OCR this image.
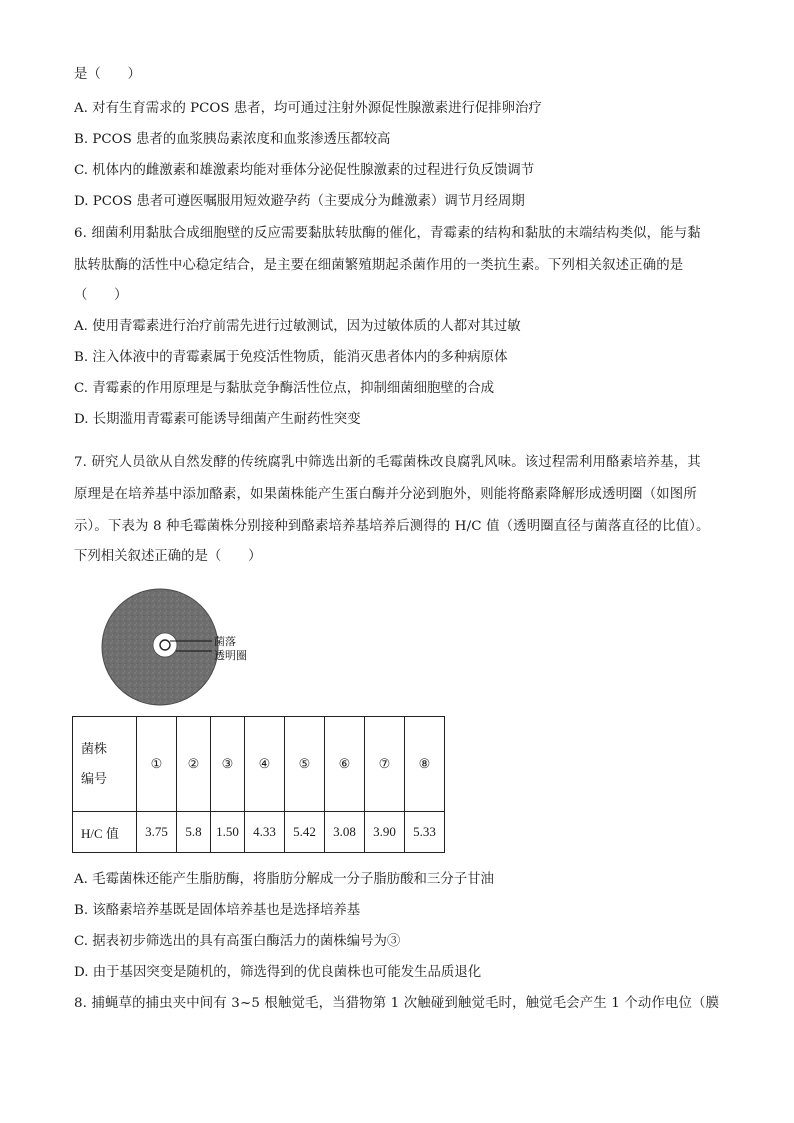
是（　　）
A. 对有生育需求的 PCOS 患者，均可通过注射外源促性腺激素进行促排卵治疗
B. PCOS 患者的血浆胰岛素浓度和血浆渗透压都较高
C. 机体内的雌激素和雄激素均能对垂体分泌促性腺激素的过程进行负反馈调节
D. PCOS 患者可遵医嘱服用短效避孕药（主要成分为雌激素）调节月经周期
6. 细菌利用黏肽合成细胞壁的反应需要黏肽转肽酶的催化，青霉素的结构和黏肽的末端结构类似，能与黏
肽转肽酶的活性中心稳定结合，是主要在细菌繁殖期起杀菌作用的一类抗生素。下列相关叙述正确的是
（　　）
A. 使用青霉素进行治疗前需先进行过敏测试，因为过敏体质的人都对其过敏
B. 注入体液中的青霉素属于免疫活性物质，能消灭患者体内的多种病原体
C. 青霉素的作用原理是与黏肽竞争酶活性位点，抑制细菌细胞壁的合成
D. 长期滥用青霉素可能诱导细菌产生耐药性突变
7. 研究人员欲从自然发酵的传统腐乳中筛选出新的毛霉菌株改良腐乳风味。该过程需利用酪素培养基，其
原理是在培养基中添加酪素，如果菌株能产生蛋白酶并分泌到胞外，则能将酪素降解形成透明圈（如图所
示）。下表为 8 种毛霉菌株分别接种到酪素培养基培养后测得的 H/C 值（透明圈直径与菌落直径的比值）。
下列相关叙述正确的是（　　）
菌落
透明圈
菌株
编号	①	②	③	④	⑤	⑥	⑦	⑧
H/C 值	3.75	5.8	1.50	4.33	5.42	3.08	3.90	5.33
A. 毛霉菌株还能产生脂肪酶，将脂肪分解成一分子脂肪酸和三分子甘油
B. 该酪素培养基既是固体培养基也是选择培养基
C. 据表初步筛选出的具有高蛋白酶活力的菌株编号为③
D. 由于基因突变是随机的，筛选得到的优良菌株也可能发生品质退化
8. 捕蝇草的捕虫夹中间有 3~5 根触觉毛，当猎物第 1 次触碰到触觉毛时，触觉毛会产生 1 个动作电位（膜
